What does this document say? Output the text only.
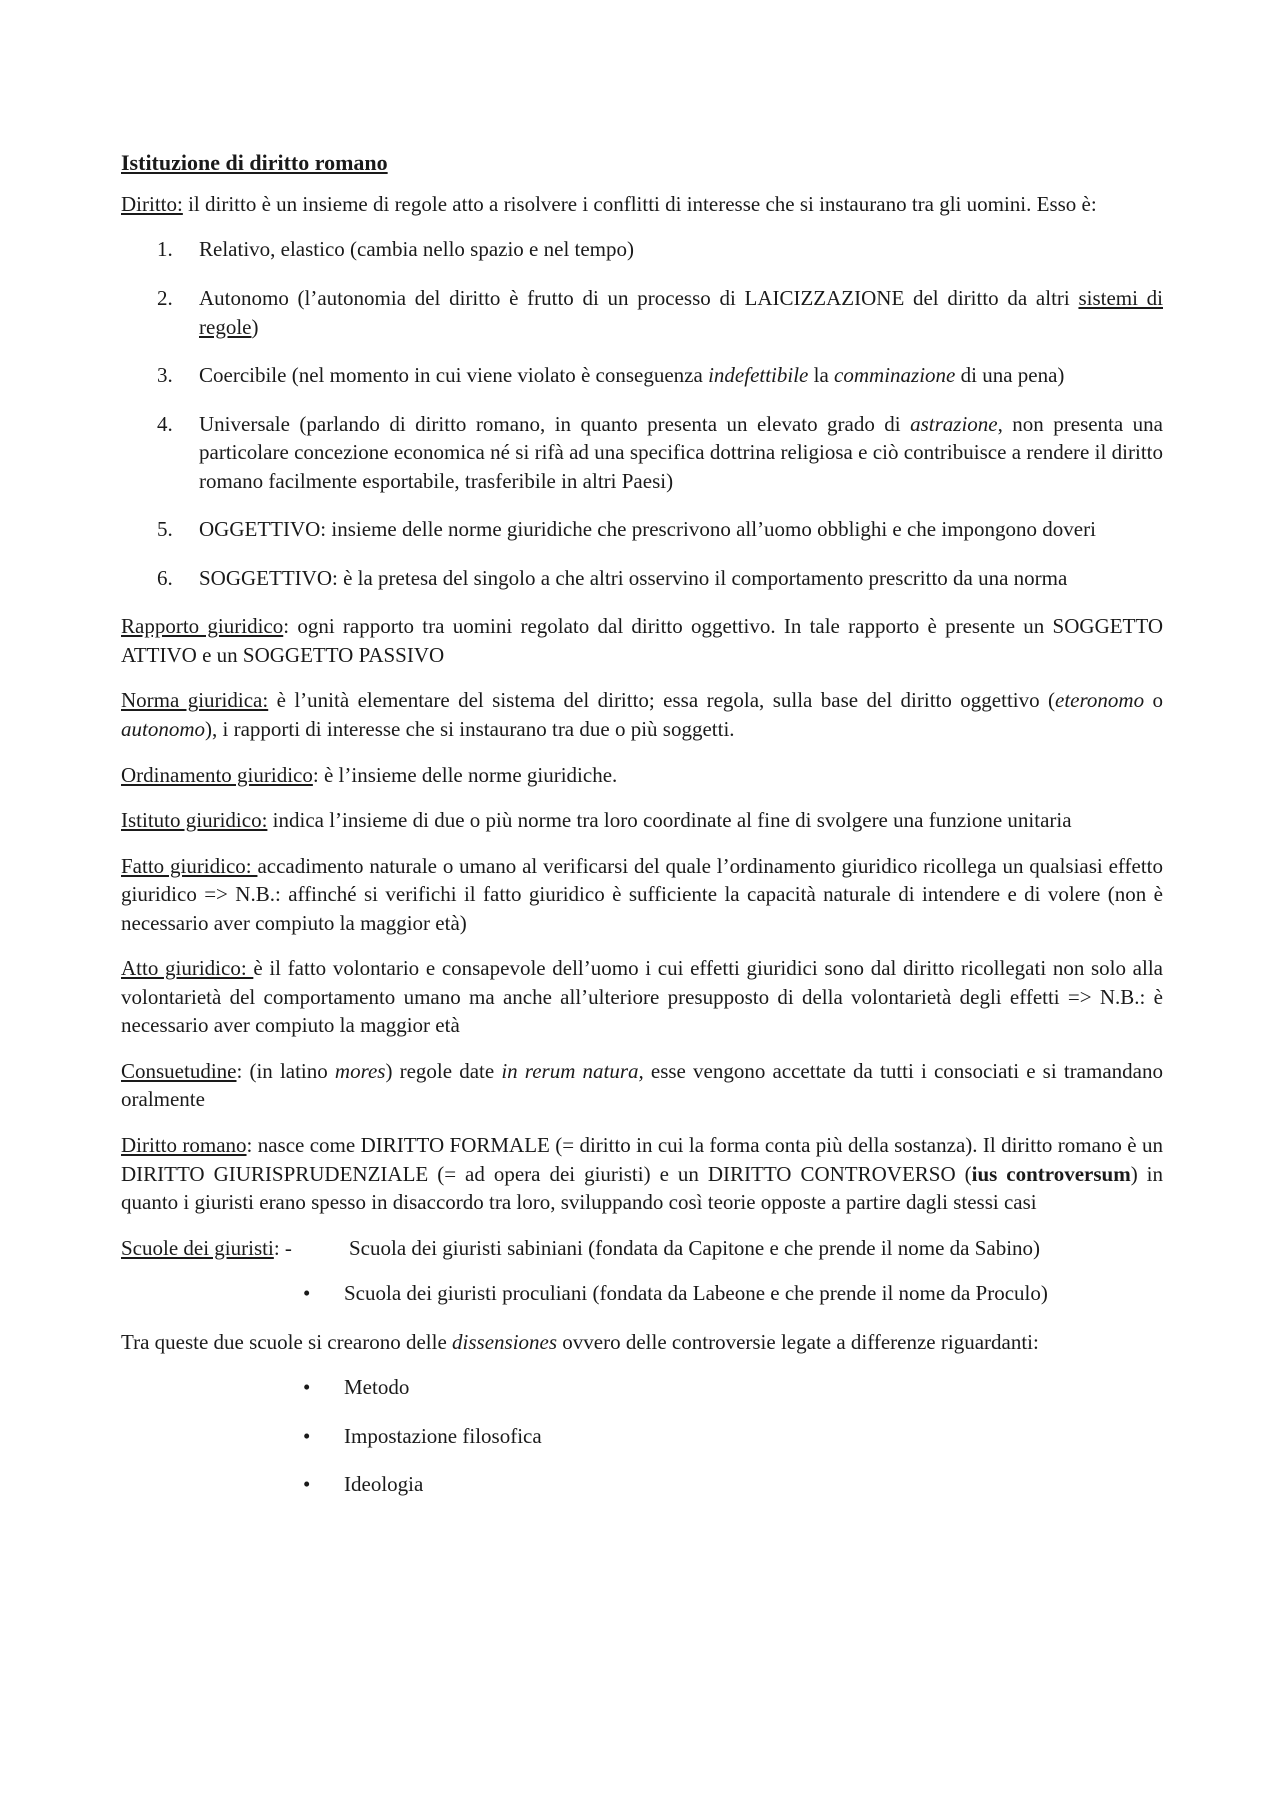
Istituzione di diritto romano

Diritto: il diritto è un insieme di regole atto a risolvere i conflitti di interesse che si instaurano tra gli uomini. Esso è:

1. Relativo, elastico (cambia nello spazio e nel tempo)
2. Autonomo (l’autonomia del diritto è frutto di un processo di LAICIZZAZIONE del diritto da altri sistemi di regole)
3. Coercibile (nel momento in cui viene violato è conseguenza indefettibile la comminazione di una pena)
4. Universale (parlando di diritto romano, in quanto presenta un elevato grado di astrazione, non presenta una particolare concezione economica né si rifà ad una specifica dottrina religiosa e ciò contribuisce a rendere il diritto romano facilmente esportabile, trasferibile in altri Paesi)
5. OGGETTIVO: insieme delle norme giuridiche che prescrivono all’uomo obblighi e che impongono doveri
6. SOGGETTIVO: è la pretesa del singolo a che altri osservino il comportamento prescritto da una norma

Rapporto giuridico: ogni rapporto tra uomini regolato dal diritto oggettivo. In tale rapporto è presente un SOGGETTO ATTIVO e un SOGGETTO PASSIVO

Norma giuridica: è l’unità elementare del sistema del diritto; essa regola, sulla base del diritto oggettivo (eteronomo o autonomo), i rapporti di interesse che si instaurano tra due o più soggetti.

Ordinamento giuridico: è l’insieme delle norme giuridiche.

Istituto giuridico: indica l’insieme di due o più norme tra loro coordinate al fine di svolgere una funzione unitaria

Fatto giuridico: accadimento naturale o umano al verificarsi del quale l’ordinamento giuridico ricollega un qualsiasi effetto giuridico => N.B.: affinché si verifichi il fatto giuridico è sufficiente la capacità naturale di intendere e di volere (non è necessario aver compiuto la maggior età)

Atto giuridico: è il fatto volontario e consapevole dell’uomo i cui effetti giuridici sono dal diritto ricollegati non solo alla volontarietà del comportamento umano ma anche all’ulteriore presupposto di della volontarietà degli effetti => N.B.: è necessario aver compiuto la maggior età

Consuetudine: (in latino mores) regole date in rerum natura, esse vengono accettate da tutti i consociati e si tramandano oralmente

Diritto romano: nasce come DIRITTO FORMALE (= diritto in cui la forma conta più della sostanza). Il diritto romano è un DIRITTO GIURISPRUDENZIALE (= ad opera dei giuristi) e un DIRITTO CONTROVERSO (ius controversum) in quanto i giuristi erano spesso in disaccordo tra loro, sviluppando così teorie opposte a partire dagli stessi casi

Scuole dei giuristi: -	Scuola dei giuristi sabiniani (fondata da Capitone e che prende il nome da Sabino)
• Scuola dei giuristi proculiani (fondata da Labeone e che prende il nome da Proculo)

Tra queste due scuole si crearono delle dissensiones ovvero delle controversie legate a differenze riguardanti:

• Metodo
• Impostazione filosofica
• Ideologia
